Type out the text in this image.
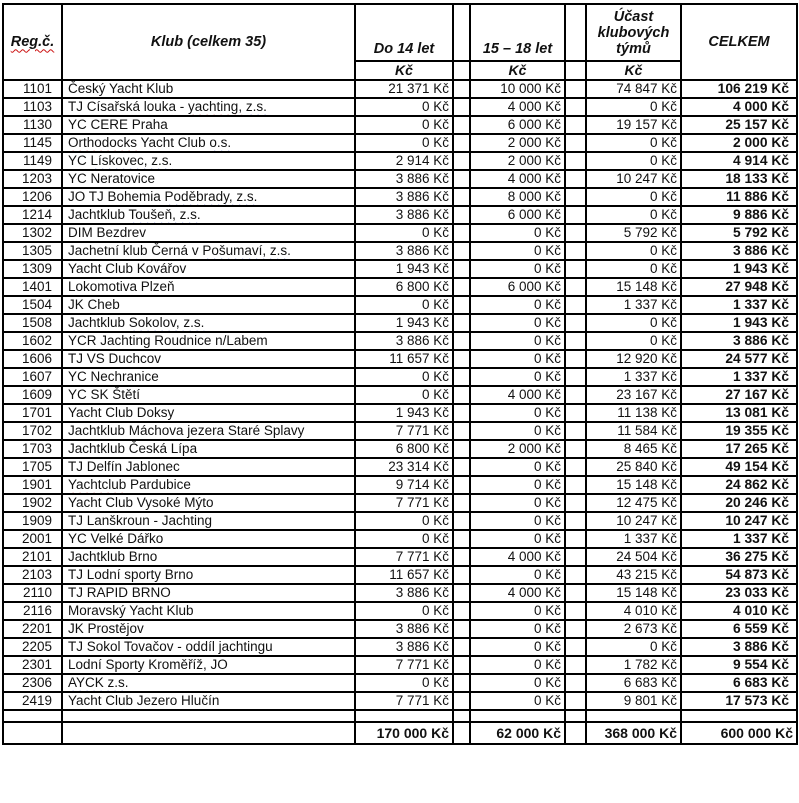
Reg.č.	Klub (celkem 35)	Do 14 let		15 – 18 let		Účast klubových týmů	CELKEM
		Kč		Kč		Kč	
1101	Český Yacht Klub	21 371 Kč		10 000 Kč		74 847 Kč	106 219 Kč
1103	TJ Císařská louka - yachting, z.s.	0 Kč		4 000 Kč		0 Kč	4 000 Kč
1130	YC CERE Praha	0 Kč		6 000 Kč		19 157 Kč	25 157 Kč
1145	Orthodocks Yacht Club o.s.	0 Kč		2 000 Kč		0 Kč	2 000 Kč
1149	YC Lískovec, z.s.	2 914 Kč		2 000 Kč		0 Kč	4 914 Kč
1203	YC Neratovice	3 886 Kč		4 000 Kč		10 247 Kč	18 133 Kč
1206	JO TJ Bohemia Poděbrady, z.s.	3 886 Kč		8 000 Kč		0 Kč	11 886 Kč
1214	Jachtklub Toušeň, z.s.	3 886 Kč		6 000 Kč		0 Kč	9 886 Kč
1302	DIM Bezdrev	0 Kč		0 Kč		5 792 Kč	5 792 Kč
1305	Jachetní klub Černá v Pošumaví, z.s.	3 886 Kč		0 Kč		0 Kč	3 886 Kč
1309	Yacht Club Kovářov	1 943 Kč		0 Kč		0 Kč	1 943 Kč
1401	Lokomotiva Plzeň	6 800 Kč		6 000 Kč		15 148 Kč	27 948 Kč
1504	JK Cheb	0 Kč		0 Kč		1 337 Kč	1 337 Kč
1508	Jachtklub Sokolov, z.s.	1 943 Kč		0 Kč		0 Kč	1 943 Kč
1602	YCR Jachting Roudnice n/Labem	3 886 Kč		0 Kč		0 Kč	3 886 Kč
1606	TJ VS Duchcov	11 657 Kč		0 Kč		12 920 Kč	24 577 Kč
1607	YC Nechranice	0 Kč		0 Kč		1 337 Kč	1 337 Kč
1609	YC SK Štětí	0 Kč		4 000 Kč		23 167 Kč	27 167 Kč
1701	Yacht Club Doksy	1 943 Kč		0 Kč		11 138 Kč	13 081 Kč
1702	Jachtklub Máchova jezera Staré Splavy	7 771 Kč		0 Kč		11 584 Kč	19 355 Kč
1703	Jachtklub Česká Lípa	6 800 Kč		2 000 Kč		8 465 Kč	17 265 Kč
1705	TJ Delfín Jablonec	23 314 Kč		0 Kč		25 840 Kč	49 154 Kč
1901	Yachtclub Pardubice	9 714 Kč		0 Kč		15 148 Kč	24 862 Kč
1902	Yacht Club Vysoké Mýto	7 771 Kč		0 Kč		12 475 Kč	20 246 Kč
1909	TJ Lanškroun - Jachting	0 Kč		0 Kč		10 247 Kč	10 247 Kč
2001	YC Velké Dářko	0 Kč		0 Kč		1 337 Kč	1 337 Kč
2101	Jachtklub Brno	7 771 Kč		4 000 Kč		24 504 Kč	36 275 Kč
2103	TJ Lodní sporty Brno	11 657 Kč		0 Kč		43 215 Kč	54 873 Kč
2110	TJ RAPID BRNO	3 886 Kč		4 000 Kč		15 148 Kč	23 033 Kč
2116	Moravský Yacht Klub	0 Kč		0 Kč		4 010 Kč	4 010 Kč
2201	JK Prostějov	3 886 Kč		0 Kč		2 673 Kč	6 559 Kč
2205	TJ Sokol Tovačov - oddíl jachtingu	3 886 Kč		0 Kč		0 Kč	3 886 Kč
2301	Lodní Sporty Kroměříž, JO	7 771 Kč		0 Kč		1 782 Kč	9 554 Kč
2306	AYCK z.s.	0 Kč		0 Kč		6 683 Kč	6 683 Kč
2419	Yacht Club Jezero Hlučín	7 771 Kč		0 Kč		9 801 Kč	17 573 Kč

		170 000 Kč		62 000 Kč		368 000 Kč	600 000 Kč
